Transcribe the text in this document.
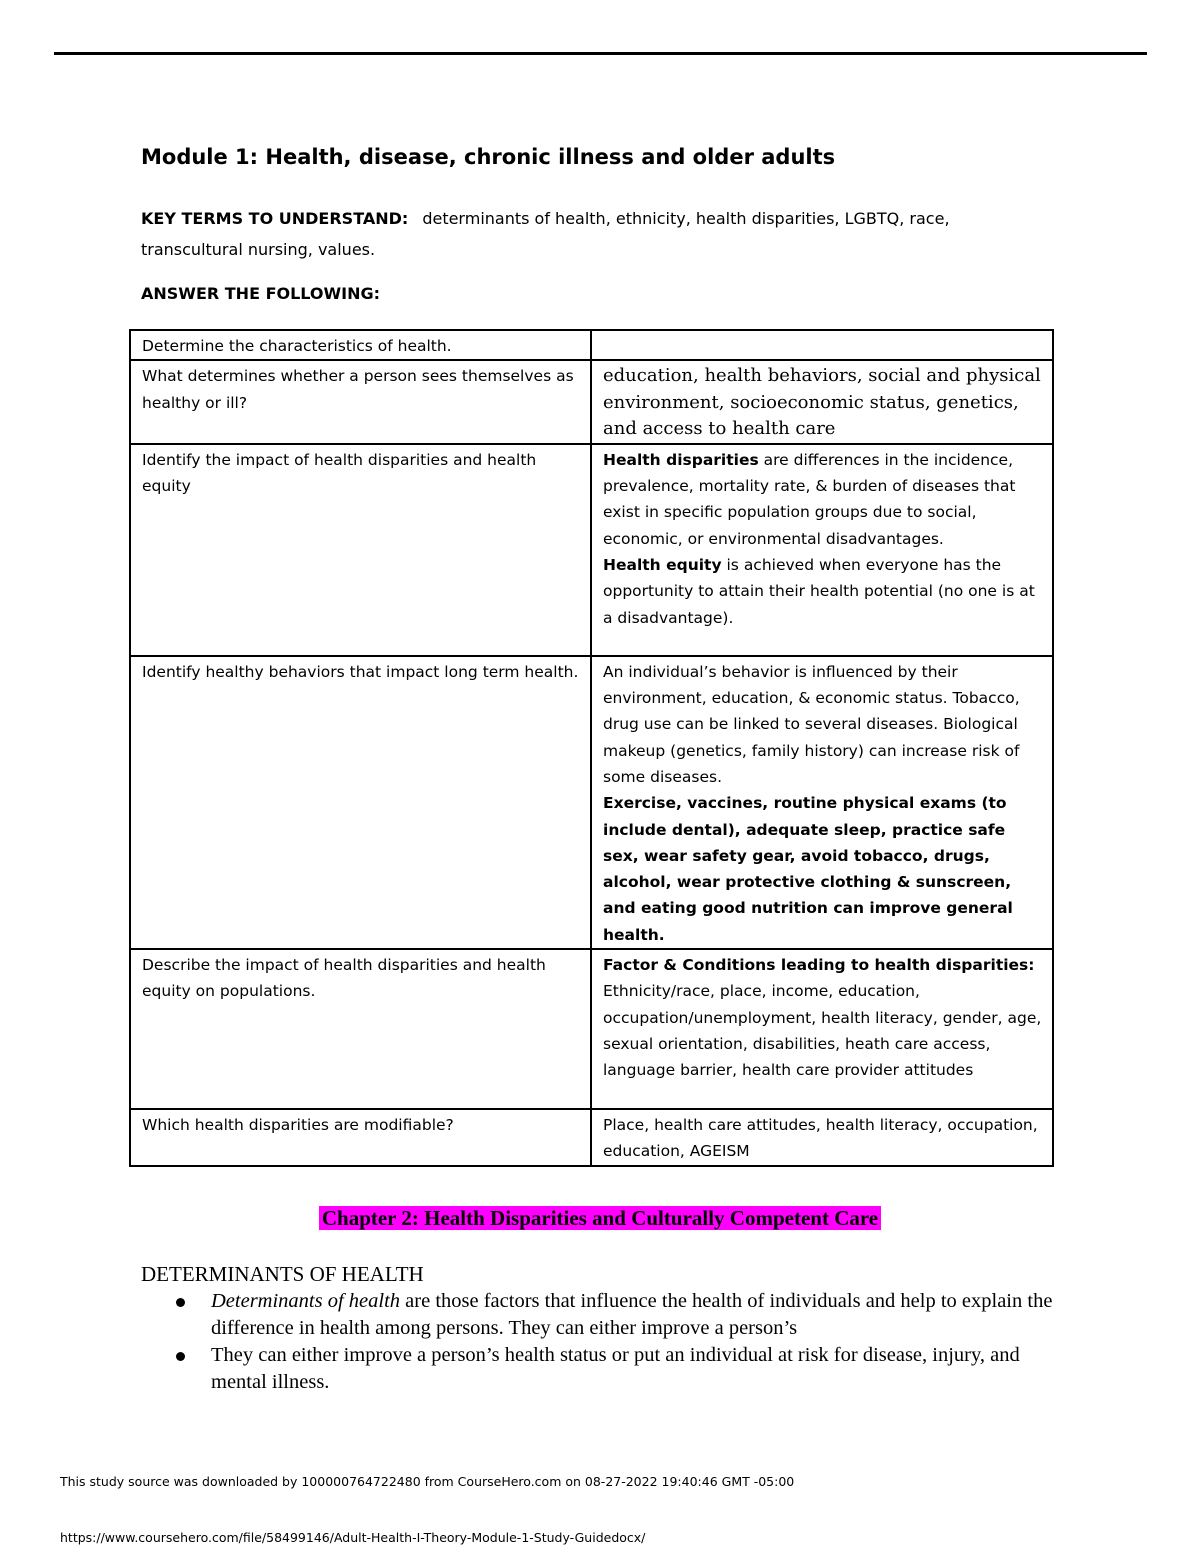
Module 1: Health, disease, chronic illness and older adults
KEY TERMS TO UNDERSTAND: determinants of health, ethnicity, health disparities, LGBTQ, race, transcultural nursing, values.
ANSWER THE FOLLOWING:
Determine the characteristics of health.	
What determines whether a person sees themselves as healthy or ill?	education, health behaviors, social and physical environment, socioeconomic status, genetics, and access to health care
Identify the impact of health disparities and health equity	Health disparities are differences in the incidence, prevalence, mortality rate, & burden of diseases that exist in specific population groups due to social, economic, or environmental disadvantages.
Health equity is achieved when everyone has the opportunity to attain their health potential (no one is at a disadvantage).
Identify healthy behaviors that impact long term health.	An individual’s behavior is influenced by their environment, education, & economic status. Tobacco, drug use can be linked to several diseases. Biological makeup (genetics, family history) can increase risk of some diseases.
Exercise, vaccines, routine physical exams (to include dental), adequate sleep, practice safe sex, wear safety gear, avoid tobacco, drugs, alcohol, wear protective clothing & sunscreen, and eating good nutrition can improve general health.
Describe the impact of health disparities and health equity on populations.	Factor & Conditions leading to health disparities:
Ethnicity/race, place, income, education, occupation/unemployment, health literacy, gender, age, sexual orientation, disabilities, heath care access, language barrier, health care provider attitudes
Which health disparities are modifiable?	Place, health care attitudes, health literacy, occupation, education, AGEISM
Chapter 2: Health Disparities and Culturally Competent Care
DETERMINANTS OF HEALTH
Determinants of health are those factors that influence the health of individuals and help to explain the difference in health among persons. They can either improve a person’s
They can either improve a person’s health status or put an individual at risk for disease, injury, and mental illness.
This study source was downloaded by 100000764722480 from CourseHero.com on 08-27-2022 19:40:46 GMT -05:00
https://www.coursehero.com/file/58499146/Adult-Health-I-Theory-Module-1-Study-Guidedocx/
